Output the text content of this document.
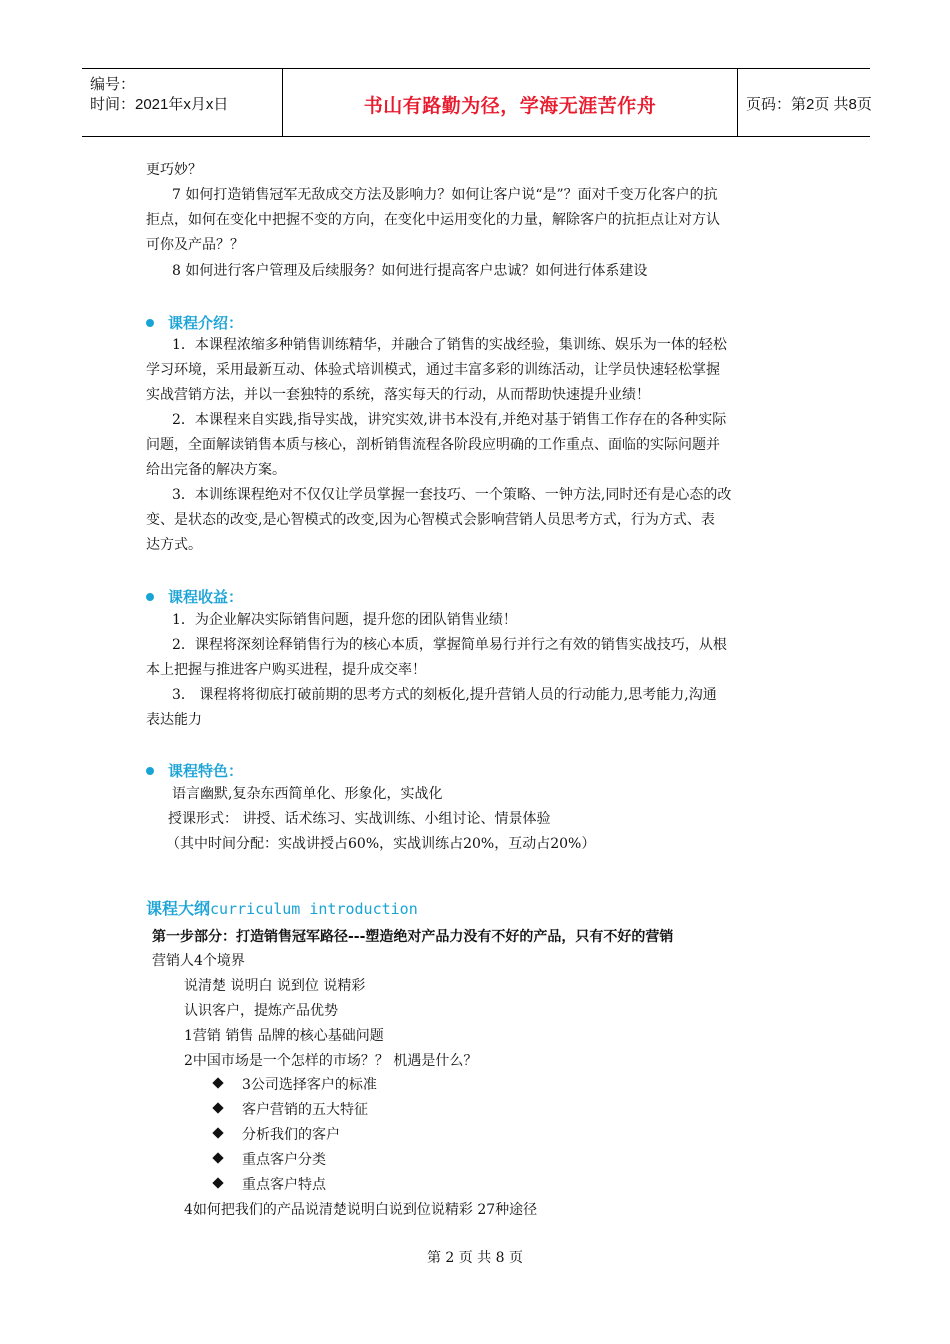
编号：
时间：2021年x月x日	书山有路勤为径，学海无涯苦作舟	页码：第2页 共8页
更巧妙？
7 如何打造销售冠军无敌成交方法及影响力？如何让客户说“是”？面对千变万化客户的抗
拒点，如何在变化中把握不变的方向，在变化中运用变化的力量，解除客户的抗拒点让对方认
可你及产品？？
8 如何进行客户管理及后续服务？如何进行提高客户忠诚？如何进行体系建设
课程介绍：
1．本课程浓缩多种销售训练精华，并融合了销售的实战经验，集训练、娱乐为一体的轻松
学习环境，采用最新互动、体验式培训模式，通过丰富多彩的训练活动，让学员快速轻松掌握
实战营销方法，并以一套独特的系统，落实每天的行动，从而帮助快速提升业绩！
2．本课程来自实践,指导实战，讲究实效,讲书本没有,并绝对基于销售工作存在的各种实际
问题，全面解读销售本质与核心，剖析销售流程各阶段应明确的工作重点、面临的实际问题并
给出完备的解决方案。
3．本训练课程绝对不仅仅让学员掌握一套技巧、一个策略、一钟方法,同时还有是心态的改
变、是状态的改变,是心智模式的改变,因为心智模式会影响营销人员思考方式，行为方式、表
达方式。
课程收益：
1．为企业解决实际销售问题，提升您的团队销售业绩！
2．课程将深刻诠释销售行为的核心本质，掌握简单易行并行之有效的销售实战技巧，从根
本上把握与推进客户购买进程，提升成交率！
3． 课程将将彻底打破前期的思考方式的刻板化,提升营销人员的行动能力,思考能力,沟通
表达能力
课程特色：
语言幽默,复杂东西简单化、形象化，实战化
授课形式： 讲授、话术练习、实战训练、小组讨论、情景体验
（其中时间分配：实战讲授占60%，实战训练占20%，互动占20%）
课程大纲curriculum introduction
第一步部分：打造销售冠军路径---塑造绝对产品力没有不好的产品，只有不好的营销
营销人4个境界
说清楚 说明白 说到位 说精彩
认识客户，提炼产品优势
1营销 销售 品牌的核心基础问题
2中国市场是一个怎样的市场？？ 机遇是什么？
3公司选择客户的标准
客户营销的五大特征
分析我们的客户
重点客户分类
重点客户特点
4如何把我们的产品说清楚说明白说到位说精彩 27种途径
第 2 页 共 8 页
